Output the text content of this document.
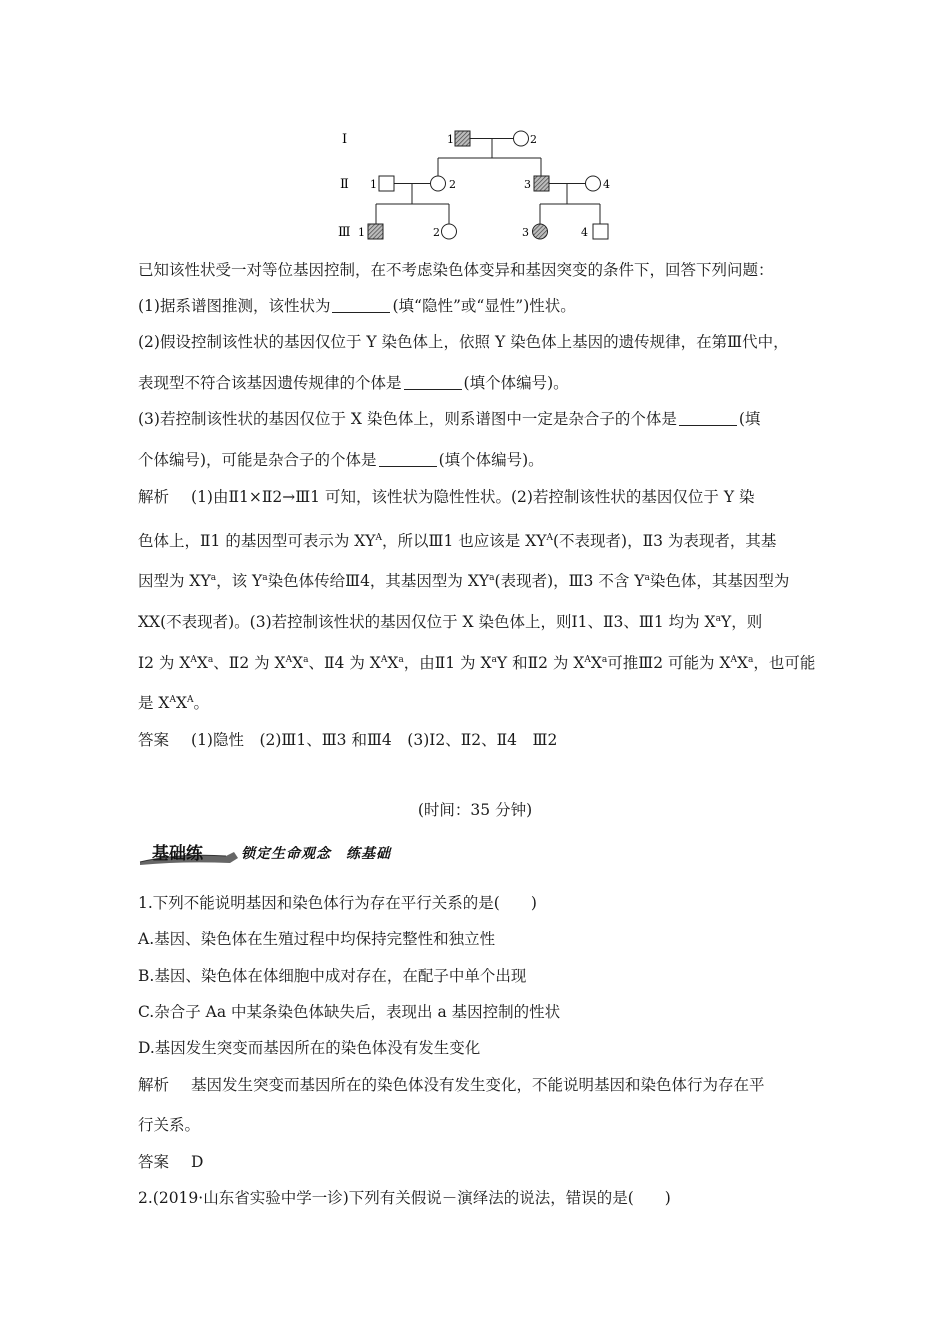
Ⅰ
Ⅱ
Ⅲ
1	2
1	2	3	4
1	2	3	4
已知该性状受一对等位基因控制，在不考虑染色体变异和基因突变的条件下，回答下列问题：
(1)据系谱图推测，该性状为	(填“隐性”或“显性”)性状。
(2)假设控制该性状的基因仅位于 Y 染色体上，依照 Y 染色体上基因的遗传规律，在第Ⅲ代中，
表现型不符合该基因遗传规律的个体是	(填个体编号)。
(3)若控制该性状的基因仅位于 X 染色体上，则系谱图中一定是杂合子的个体是	(填
个体编号)，可能是杂合子的个体是	(填个体编号)。
解析 (1)由Ⅱ1×Ⅱ2→Ⅲ1 可知，该性状为隐性性状。(2)若控制该性状的基因仅位于 Y 染
色体上，Ⅱ1 的基因型可表示为 $XY^A$，所以Ⅲ1 也应该是 $XY^A$(不表现者)，Ⅱ3 为表现者，其基
因型为 $XY^a$，该 $Y^a$染色体传给Ⅲ4，其基因型为 $XY^a$(表现者)，Ⅲ3 不含 $Y^a$染色体，其基因型为
XX(不表现者)。(3)若控制该性状的基因仅位于 X 染色体上，则Ⅰ1、Ⅱ3、Ⅲ1 均为 $X^aY$，则
Ⅰ2 为 $X^AX^a$、Ⅱ2 为 $X^AX^a$、Ⅱ4 为 $X^AX^a$，由Ⅱ1 为 $X^aY$ 和Ⅱ2 为 $X^AX^a$可推Ⅲ2 可能为 $X^AX^a$，也可能
是 $X^AX^A$。
答案 (1)隐性　(2)Ⅲ1、Ⅲ3 和Ⅲ4　(3)Ⅰ2、Ⅱ2、Ⅱ4　Ⅲ2
(时间：35 分钟)
基础练	锁定生命观念　练基础
1.下列不能说明基因和染色体行为存在平行关系的是(　　)
A.基因、染色体在生殖过程中均保持完整性和独立性
B.基因、染色体在体细胞中成对存在，在配子中单个出现
C.杂合子 Aa 中某条染色体缺失后，表现出 a 基因控制的性状
D.基因发生突变而基因所在的染色体没有发生变化
解析 基因发生突变而基因所在的染色体没有发生变化，不能说明基因和染色体行为存在平
行关系。
答案 D
2.(2019·山东省实验中学一诊)下列有关假说－演绎法的说法，错误的是(　　)
